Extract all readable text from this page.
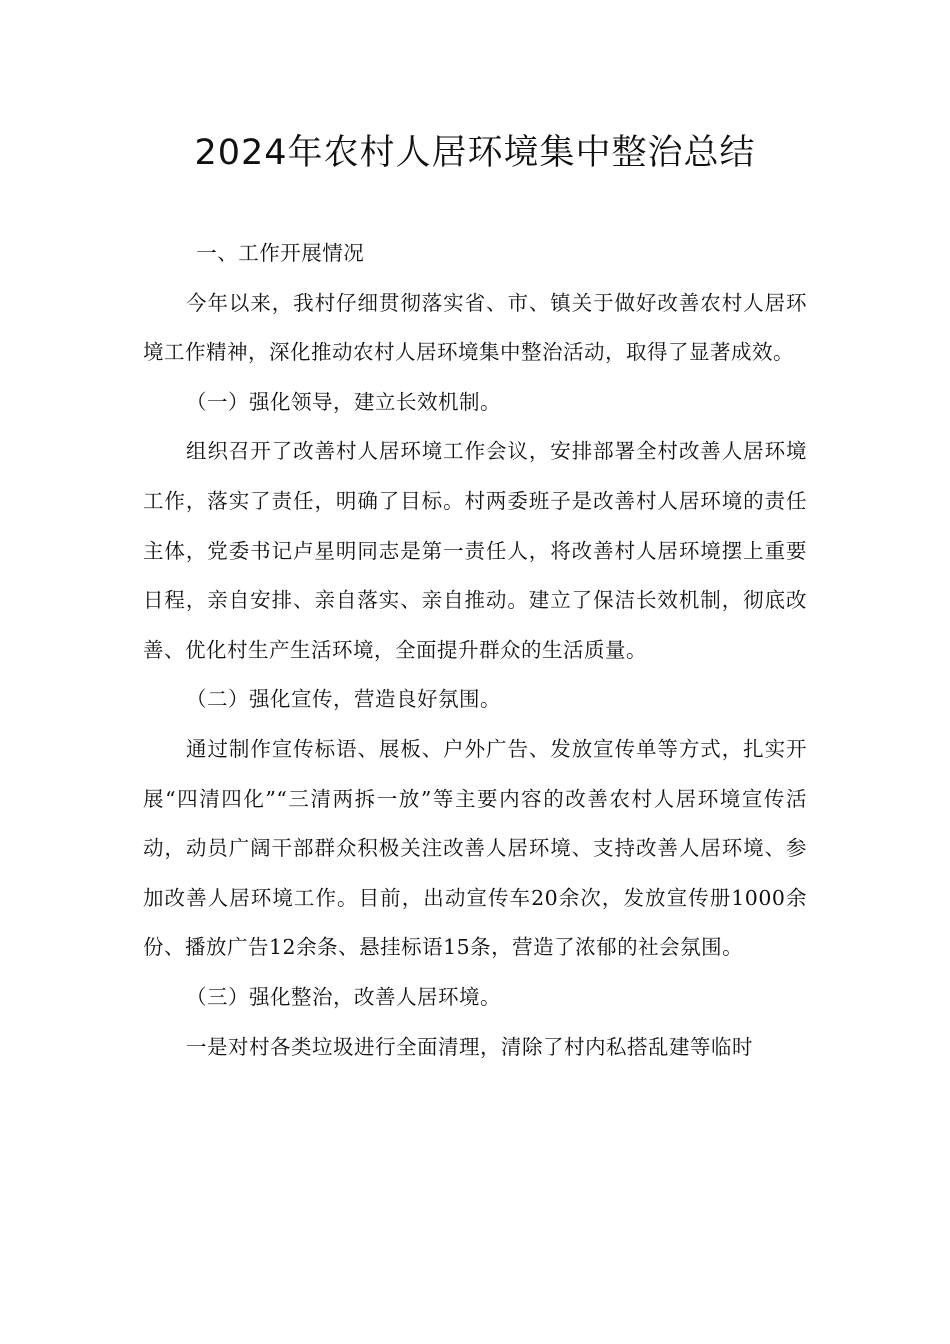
2024年农村人居环境集中整治总结

一、工作开展情况

今年以来，我村仔细贯彻落实省、市、镇关于做好改善农村人居环境工作精神，深化推动农村人居环境集中整治活动，取得了显著成效。

（一）强化领导，建立长效机制。

组织召开了改善村人居环境工作会议，安排部署全村改善人居环境工作，落实了责任，明确了目标。村两委班子是改善村人居环境的责任主体，党委书记卢星明同志是第一责任人，将改善村人居环境摆上重要日程，亲自安排、亲自落实、亲自推动。建立了保洁长效机制，彻底改善、优化村生产生活环境，全面提升群众的生活质量。

（二）强化宣传，营造良好氛围。

通过制作宣传标语、展板、户外广告、发放宣传单等方式，扎实开展“四清四化”“三清两拆一放”等主要内容的改善农村人居环境宣传活动，动员广阔干部群众积极关注改善人居环境、支持改善人居环境、参加改善人居环境工作。目前，出动宣传车20余次，发放宣传册1000余份、播放广告12余条、悬挂标语15条，营造了浓郁的社会氛围。

（三）强化整治，改善人居环境。

一是对村各类垃圾进行全面清理，清除了村内私搭乱建等临时
